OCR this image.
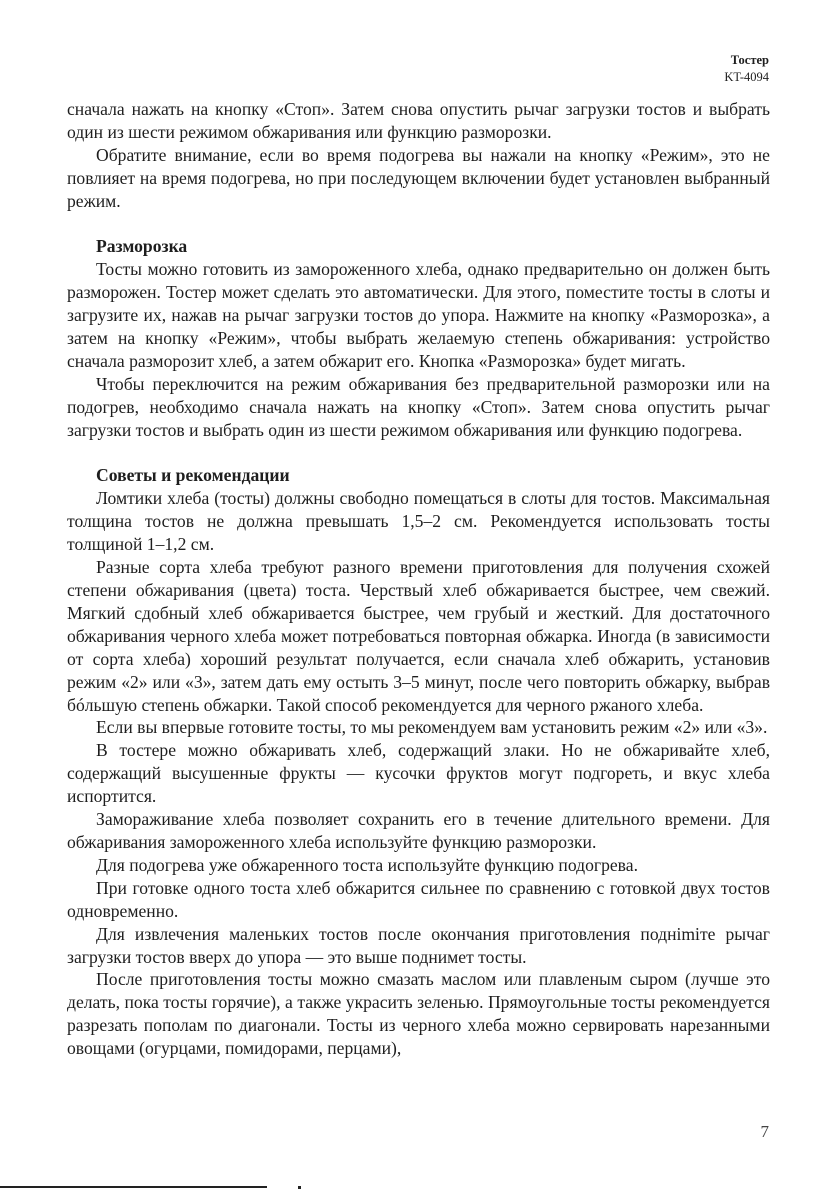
Тостер
KT-4094

сначала нажать на кнопку «Стоп». Затем снова опустить рычаг загрузки тостов и выбрать один из шести режимом обжаривания или функцию разморозки.

Обратите внимание, если во время подогрева вы нажали на кнопку «Режим», это не повлияет на время подогрева, но при последующем включении будет установлен выбранный режим.

Разморозка

Тосты можно готовить из замороженного хлеба, однако предварительно он должен быть разморожен. Тостер может сделать это автоматически. Для этого, поместите тосты в слоты и загрузите их, нажав на рычаг загрузки тостов до упора. Нажмите на кнопку «Разморозка», а затем на кнопку «Режим», чтобы выбрать желаемую степень обжаривания: устройство сначала разморозит хлеб, а затем обжарит его. Кнопка «Разморозка» будет мигать.

Чтобы переключится на режим обжаривания без предварительной разморозки или на подогрев, необходимо сначала нажать на кнопку «Стоп». Затем снова опустить рычаг загрузки тостов и выбрать один из шести режимом обжаривания или функцию подогрева.

Советы и рекомендации

Ломтики хлеба (тосты) должны свободно помещаться в слоты для тостов. Максимальная толщина тостов не должна превышать 1,5–2 см. Рекомендуется использовать тосты толщиной 1–1,2 см.

Разные сорта хлеба требуют разного времени приготовления для получения схожей степени обжаривания (цвета) тоста. Черствый хлеб обжаривается быстрее, чем свежий. Мягкий сдобный хлеб обжаривается быстрее, чем грубый и жесткий. Для достаточного обжаривания черного хлеба может потребоваться повторная обжарка. Иногда (в зависимости от сорта хлеба) хороший результат получается, если сначала хлеб обжарить, установив режим «2» или «3», затем дать ему остыть 3–5 минут, после чего повторить обжарку, выбрав бóльшую степень обжарки. Такой способ рекомендуется для черного ржаного хлеба.

Если вы впервые готовите тосты, то мы рекомендуем вам установить режим «2» или «3».

В тостере можно обжаривать хлеб, содержащий злаки. Но не обжаривайте хлеб, содержащий высушенные фрукты — кусочки фруктов могут подгореть, и вкус хлеба испортится.

Замораживание хлеба позволяет сохранить его в течение длительного времени. Для обжаривания замороженного хлеба используйте функцию разморозки.

Для подогрева уже обжаренного тоста используйте функцию подогрева.

При готовке одного тоста хлеб обжарится сильнее по сравнению с готовкой двух тостов одновременно.

Для извлечения маленьких тостов после окончания приготовления поднimiте рычаг загрузки тостов вверх до упора — это выше поднимет тосты.

После приготовления тосты можно смазать маслом или плавленым сыром (лучше это делать, пока тосты горячие), а также украсить зеленью. Прямоугольные тосты рекомендуется разрезать пополам по диагонали. Тосты из черного хлеба можно сервировать нарезанными овощами (огурцами, помидорами, перцами),

7
